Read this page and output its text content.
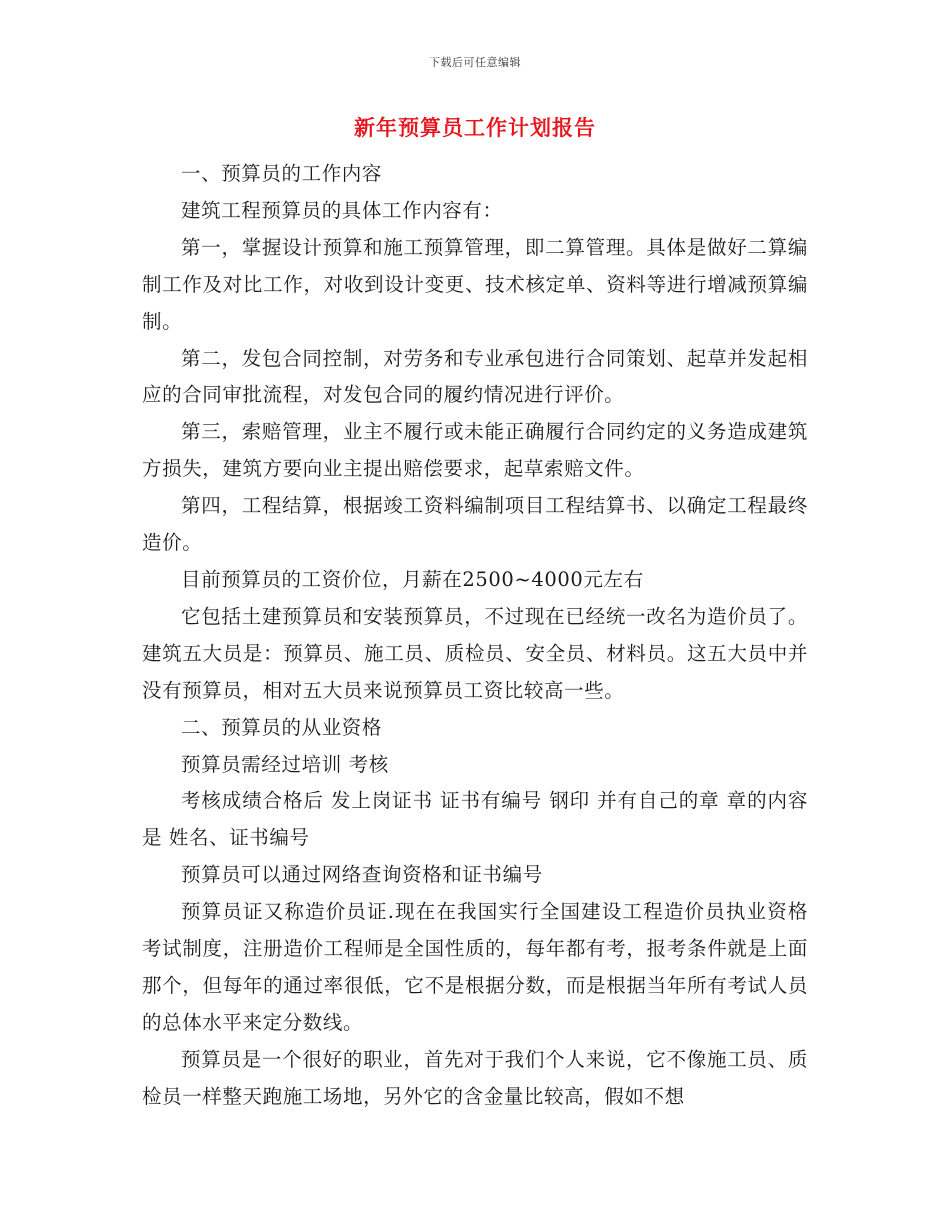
下载后可任意编辑
新年预算员工作计划报告

一、预算员的工作内容

建筑工程预算员的具体工作内容有：

第一，掌握设计预算和施工预算管理，即二算管理。具体是做好二算编制工作及对比工作，对收到设计变更、技术核定单、资料等进行增减预算编制。

第二，发包合同控制，对劳务和专业承包进行合同策划、起草并发起相应的合同审批流程，对发包合同的履约情况进行评价。

第三，索赔管理，业主不履行或未能正确履行合同约定的义务造成建筑方损失，建筑方要向业主提出赔偿要求，起草索赔文件。

第四，工程结算，根据竣工资料编制项目工程结算书、以确定工程最终造价。

目前预算员的工资价位，月薪在2500~4000元左右

它包括土建预算员和安装预算员，不过现在已经统一改名为造价员了。建筑五大员是：预算员、施工员、质检员、安全员、材料员。这五大员中并没有预算员，相对五大员来说预算员工资比较高一些。

二、预算员的从业资格

预算员需经过培训 考核

考核成绩合格后 发上岗证书 证书有编号 钢印 并有自己的章 章的内容是 姓名、证书编号

预算员可以通过网络查询资格和证书编号

预算员证又称造价员证.现在在我国实行全国建设工程造价员执业资格考试制度，注册造价工程师是全国性质的，每年都有考，报考条件就是上面那个，但每年的通过率很低，它不是根据分数，而是根据当年所有考试人员的总体水平来定分数线。

预算员是一个很好的职业，首先对于我们个人来说，它不像施工员、质检员一样整天跑施工场地，另外它的含金量比较高，假如不想
